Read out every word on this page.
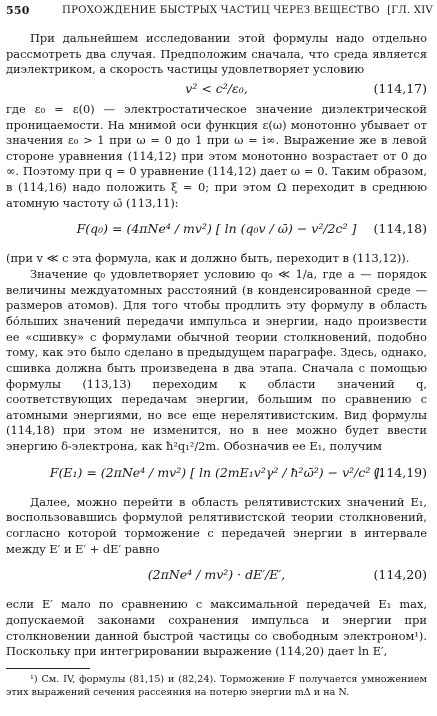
550	ПРОХОЖДЕНИЕ БЫСТРЫХ ЧАСТИЦ ЧЕРЕЗ ВЕЩЕСТВО [ГЛ. XIV

При дальнейшем исследовании этой формулы надо отдельно рассмотреть два случая. Предположим сначала, что среда является диэлектриком, а скорость частицы удовлетворяет условию

v² < c²/ε₀,	(114,17)

где ε₀ = ε(0) — электростатическое значение диэлектрической проницаемости. На мнимой оси функция ε(ω) монотонно убывает от значения ε₀ > 1 при ω = 0 до 1 при ω = i∞. Выражение же в левой стороне уравнения (114,12) при этом монотонно возрастает от 0 до ∞. Поэтому при q = 0 уравнение (114,12) дает ω = 0. Таким образом, в (114,16) надо положить ξ = 0; при этом Ω переходит в среднюю атомную частоту ω̄ (113,11):

F(q₀) = (4πNe⁴ / mv²) [ ln (q₀v / ω̄) − v²/2c² ]	(114,18)

(при v ≪ c эта формула, как и должно быть, переходит в (113,12)).

Значение q₀ удовлетворяет условию q₀ ≪ 1/a, где a — порядок величины междуатомных расстояний (в конденсированной среде — размеров атомов). Для того чтобы продлить эту формулу в область бо́льших значений передачи импульса и энергии, надо произвести ее «сшивку» с формулами обычной теории столкновений, подобно тому, как это было сделано в предыдущем параграфе. Здесь, однако, сшивка должна быть произведена в два этапа. Сначала с помощью формулы (113,13) переходим к области значений q, соответствующих передачам энергии, большим по сравнению с атомными энергиями, но все еще нерелятивистским. Вид формулы (114,18) при этом не изменится, но в нее можно будет ввести энергию δ-электрона, как ħ²q₁²/2m. Обозначив ее E₁, получим

F(E₁) = (2πNe⁴ / mv²) [ ln (2mE₁v²γ² / ħ²ω̄²) − v²/c² ].
(114,19)

Далее, можно перейти в область релятивистских значений E₁, воспользовавшись формулой релятивистской теории столкновений, согласно которой торможение с передачей энергии в интервале между E′ и E′ + dE′ равно

(2πNe⁴ / mv²) · dE′/E′,	(114,20)

если E′ мало по сравнению с максимальной передачей E₁ max, допускаемой законами сохранения импульса и энергии при столкновении данной быстрой частицы со свободным электроном¹). Поскольку при интегрировании выражение (114,20) дает ln E′,

¹) См. IV, формулы (81,15) и (82,24). Торможение F получается умножением этих выражений сечения рассеяния на потерю энергии mΔ и на N.
